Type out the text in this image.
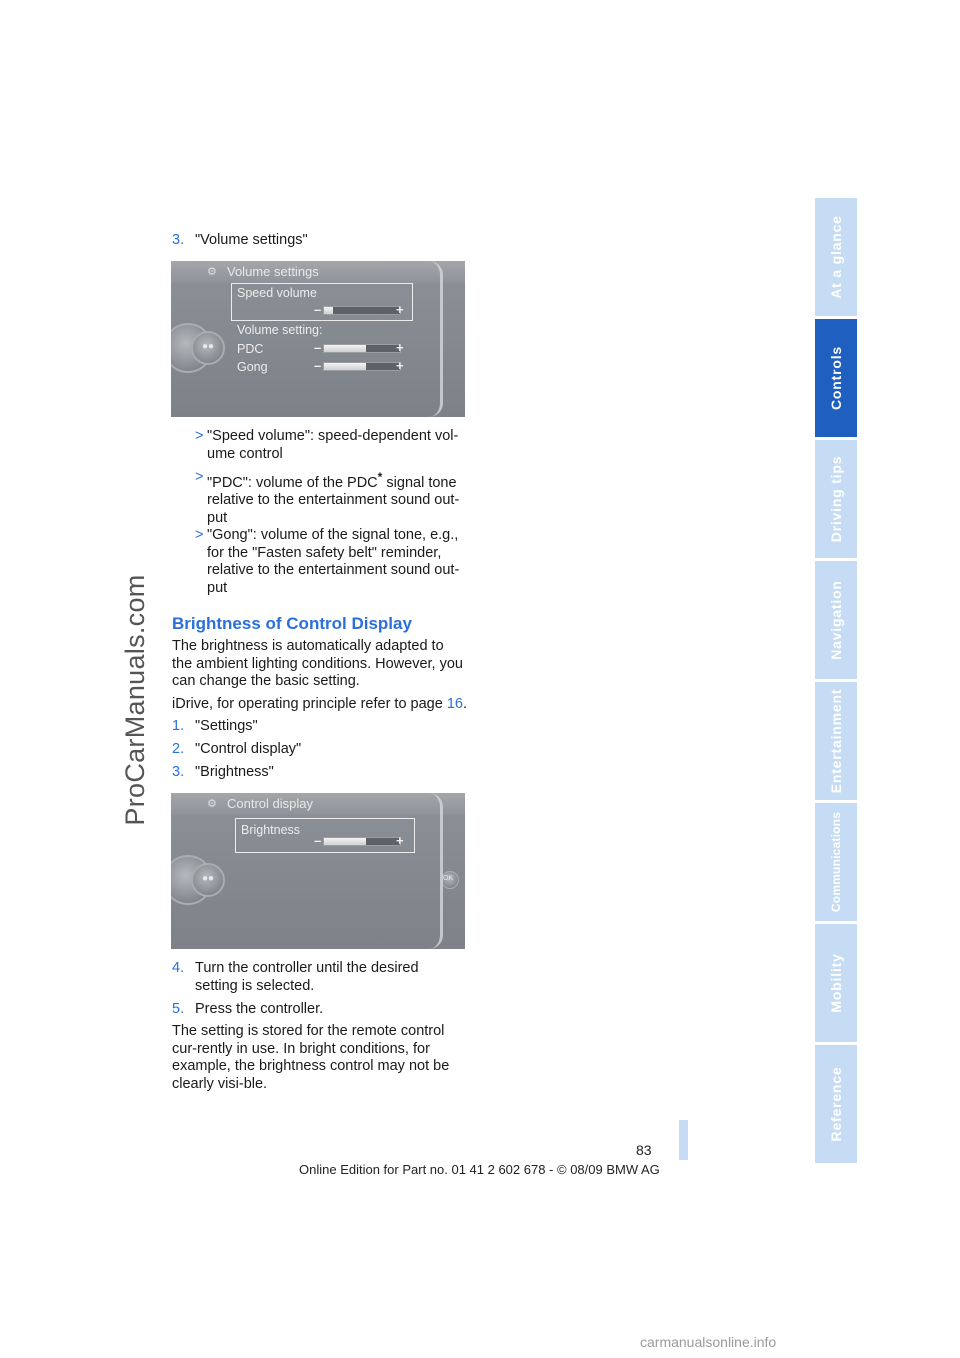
ProCarManuals.com
At a glance
Controls
Driving tips
Navigation
Entertainment
Communications
Mobility
Reference
3. "Volume settings"
⚙ Volume settings
●●
Speed volume
–	+
Volume setting:
PDC	–	+
Gong	–	+
> "Speed volume": speed-dependent vol-ume control
> "PDC": volume of the PDC* signal tone relative to the entertainment sound out-put
> "Gong": volume of the signal tone, e.g., for the "Fasten safety belt" reminder, relative to the entertainment sound out-put
Brightness of Control Display
The brightness is automatically adapted to the ambient lighting conditions. However, you can change the basic setting.
iDrive, for operating principle refer to page 16.
1. "Settings"
2. "Control display"
3. "Brightness"
⚙ Control display
●●
Brightness
–	+
OK
4. Turn the controller until the desired setting is selected.
5. Press the controller.
The setting is stored for the remote control cur-rently in use. In bright conditions, for example, the brightness control may not be clearly visi-ble.
83
Online Edition for Part no. 01 41 2 602 678 - © 08/09 BMW AG
carmanualsonline.info
